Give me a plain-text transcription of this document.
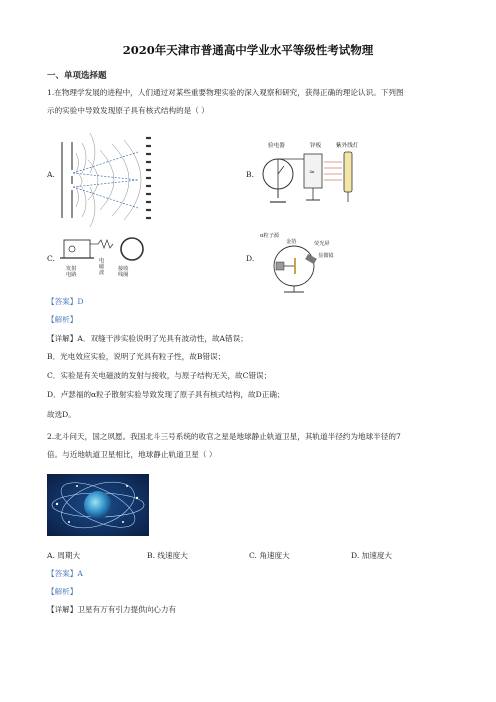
2020年天津市普通高中学业水平等级性考试物理
一、单项选择题
1.在物理学发展的进程中，人们通过对某些重要物理实验的深入观察和研究，获得正确的理论认识。下列图
示的实验中导致发现原子具有核式结构的是（ ）
A.	B.
验电器	锌板	紫外线灯
≈
C.
发射
电路
电
磁
波
接收
线圈
D.
α粒子源
金箔	荧光屏
显微镜
【答案】D
【解析】
【详解】A．双缝干涉实验说明了光具有波动性，故A错误；
B．光电效应实验，说明了光具有粒子性，故B错误；
C．实验是有关电磁波的发射与接收，与原子结构无关，故C错误；
D．卢瑟福的α粒子散射实验导致发现了原子具有核式结构，故D正确；
故选D。
2.北斗问天，国之夙愿。我国北斗三号系统的收官之星是地球静止轨道卫星，其轨道半径约为地球半径的7
倍。与近地轨道卫星相比，地球静止轨道卫星（ ）
A. 周期大	B. 线速度大	C. 角速度大	D. 加速度大
【答案】A
【解析】
【详解】卫星有万有引力提供向心力有
